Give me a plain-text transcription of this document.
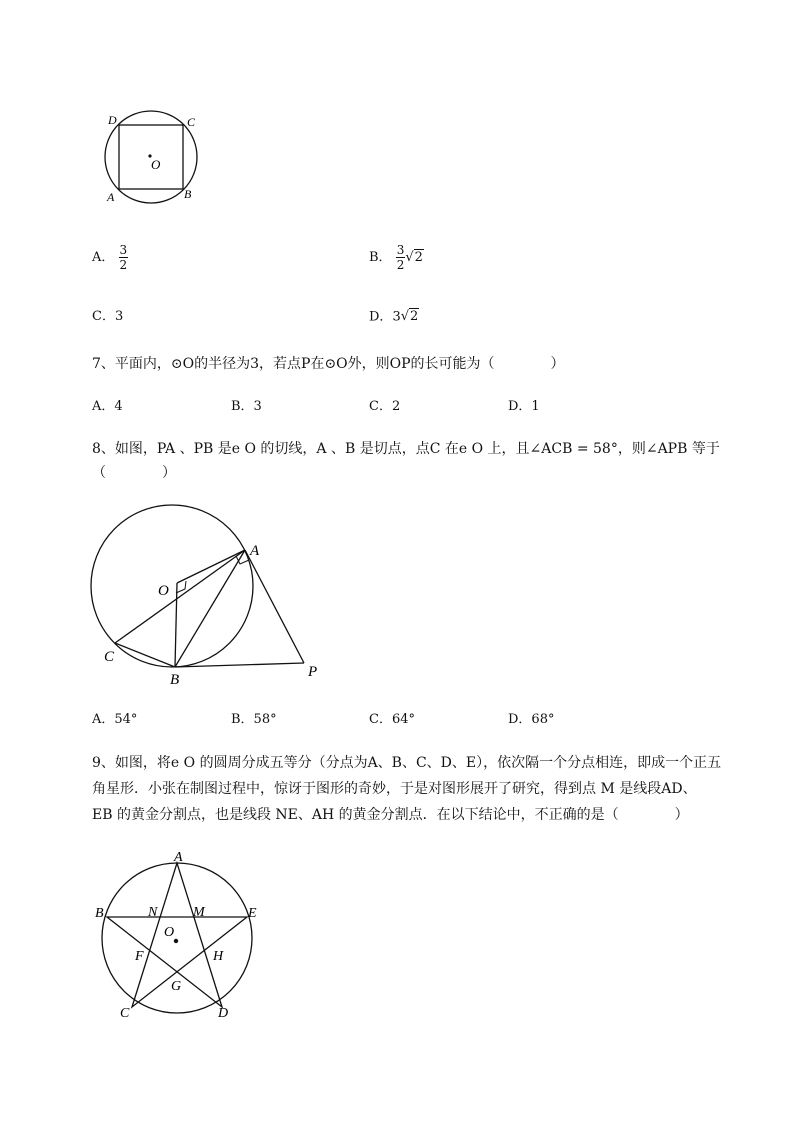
D	C
O
A	B
A． $\frac{3}{2}$	B． $\frac{3}{2} √2$
C．3	D．3√2
7、平面内，⊙O的半径为3，若点P在⊙O外，则OP的长可能为（　　　　）
A．4	B．3	C．2	D．1
8、如图，PA 、PB 是e O 的切线，A 、B 是切点，点C 在e O 上，且∠ACB = 58°，则∠APB 等于
（　　　　）
A
O
C
B	P
A．54°	B．58°	C．64°	D．68°
9、如图，将e O 的圆周分成五等分（分点为A、B、C、D、E），依次隔一个分点相连，即成一个正五
角星形．小张在制图过程中，惊讶于图形的奇妙，于是对图形展开了研究，得到点 M 是线段AD、
EB 的黄金分割点，也是线段 NE、AH 的黄金分割点．在以下结论中，不正确的是（　　　　）
A
B	N	M	E
O
F	H
G
C	D
